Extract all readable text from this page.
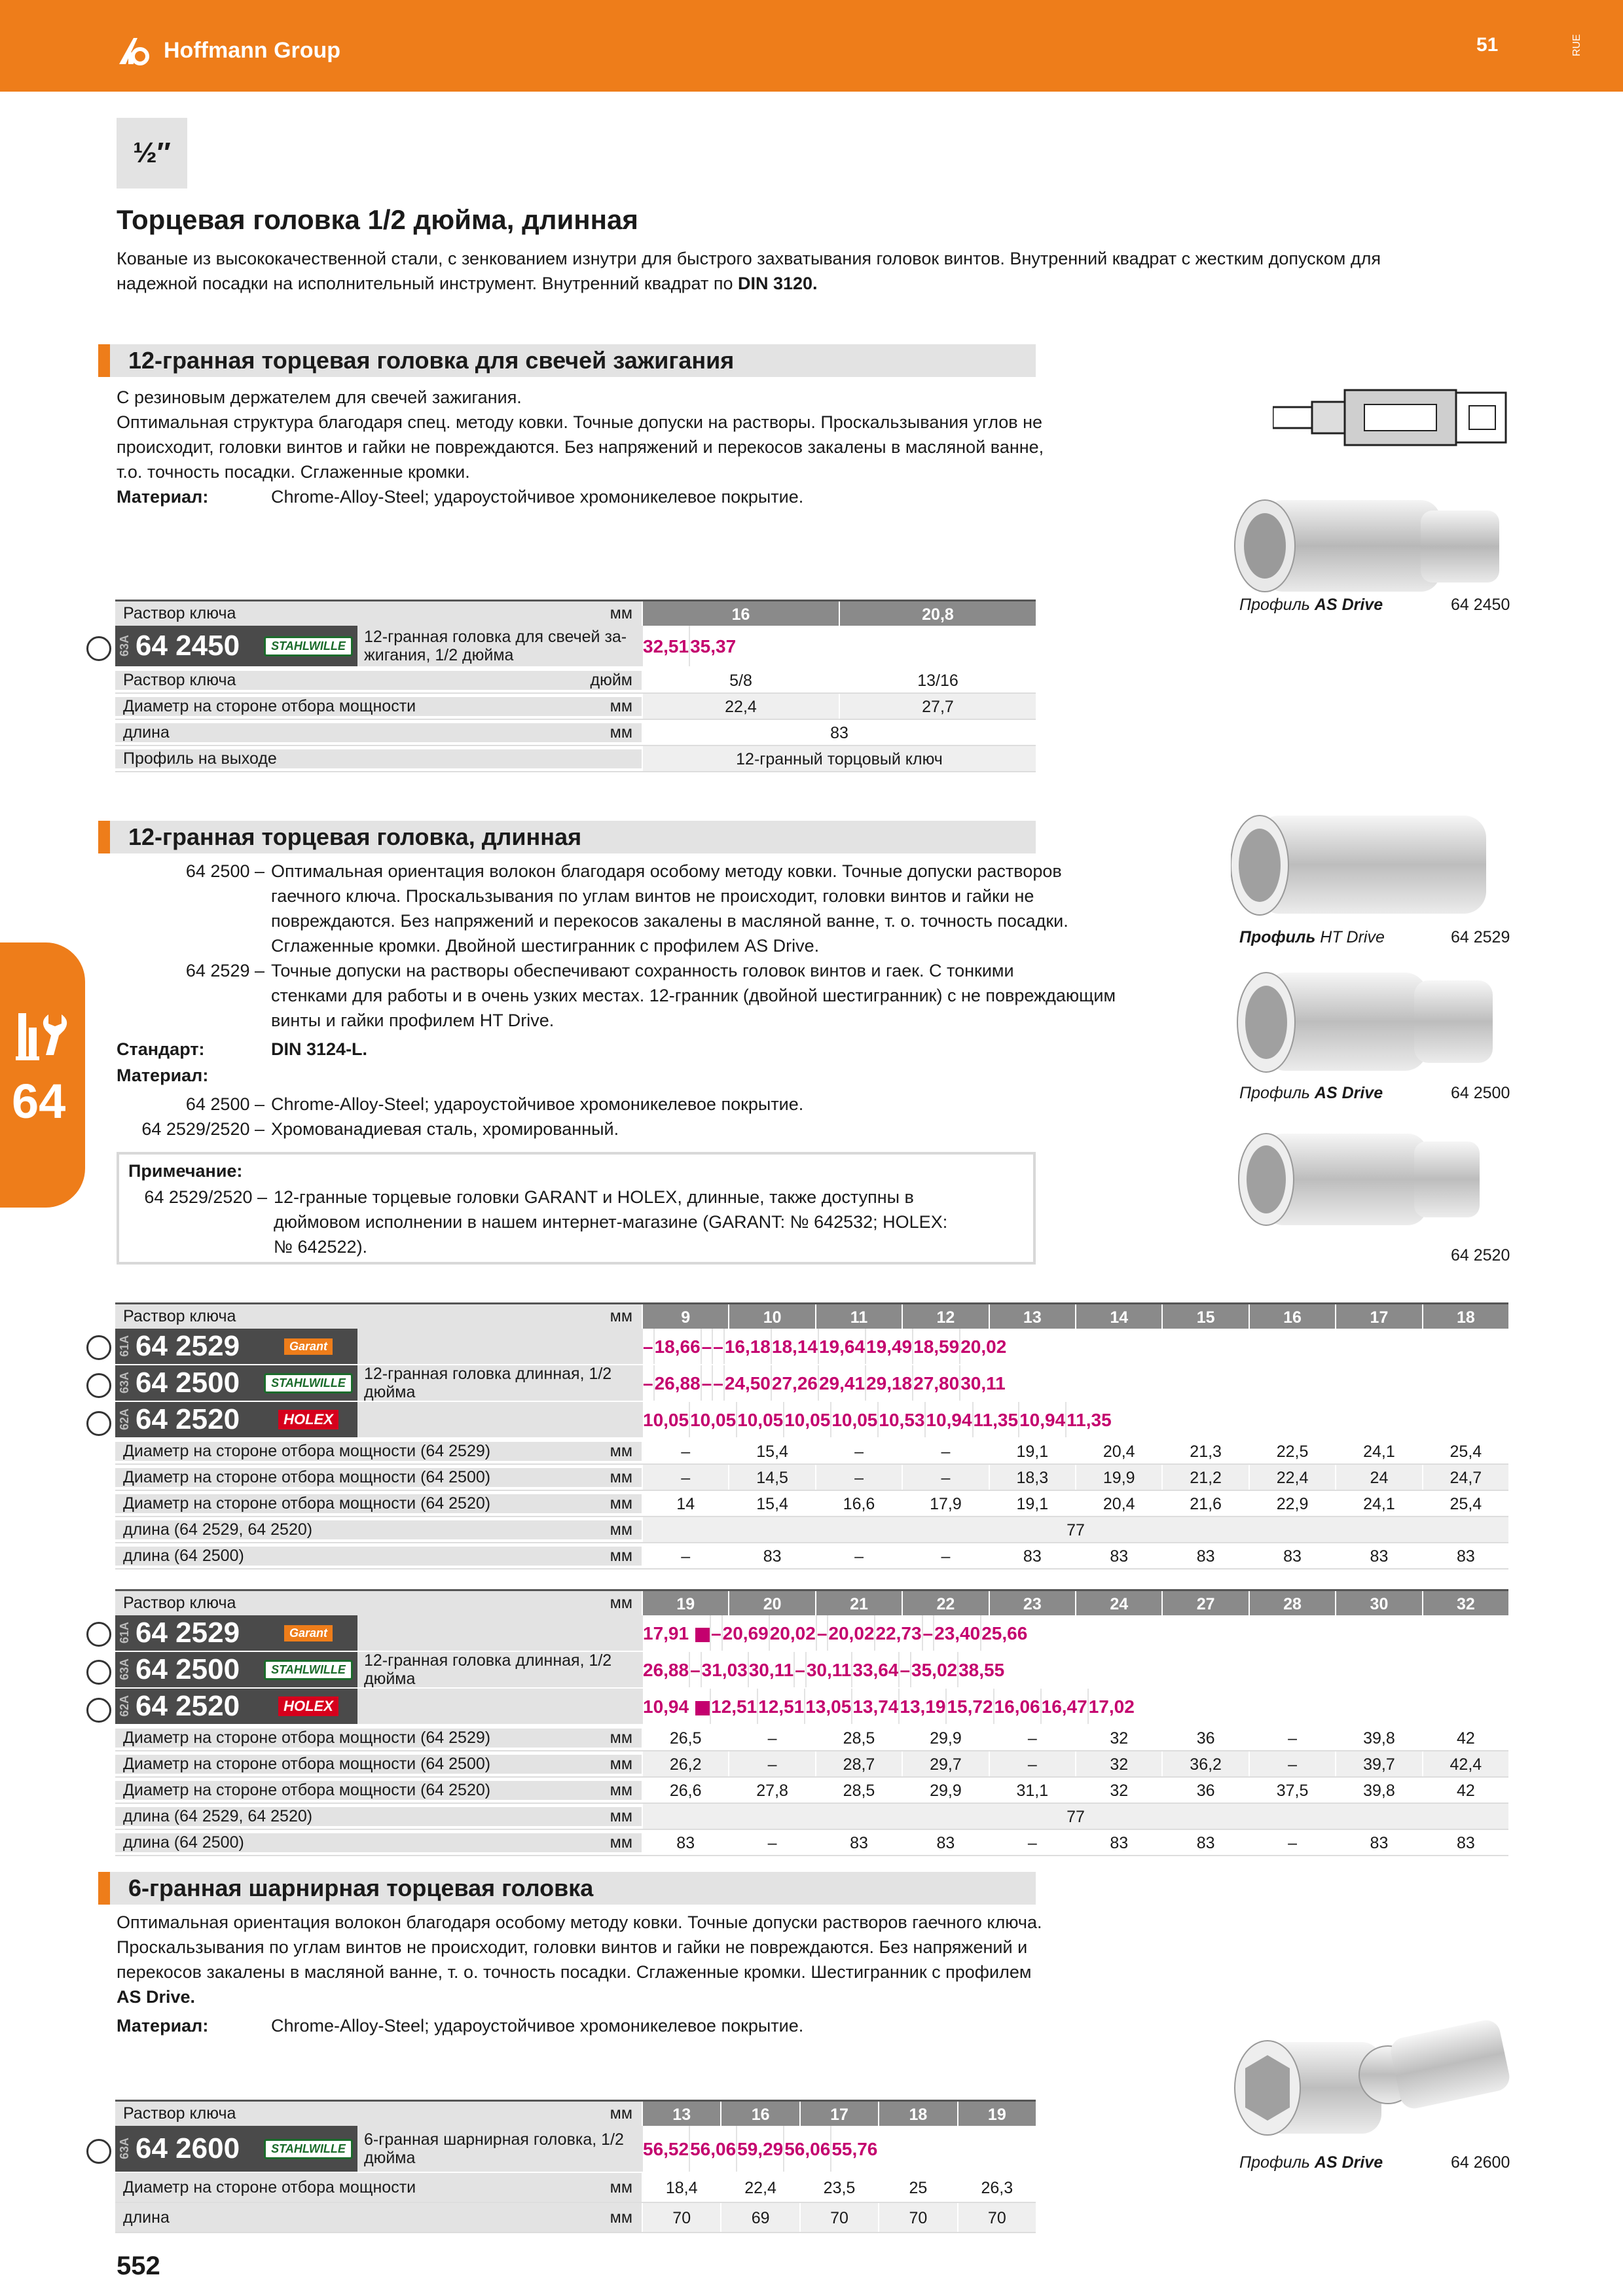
Hoffmann Group	51	RUE
64
½″
Торцевая головка 1/2 дюйма, длинная
Кованые из высококачественной стали, с зенкованием изнутри для быстрого захватывания головок винтов. Внутренний квадрат с жестким допуском для
надежной посадки на исполнительный инструмент. Внутренний квадрат по DIN 3120.
12-гранная торцевая головка для свечей зажигания
С резиновым держателем для свечей зажигания.
Оптимальная структура благодаря спец. методу ковки. Точные допуски на растворы. Проскальзывания углов не
происходит, головки винтов и гайки не повреждаются. Без напряжений и перекосов закалены в масляной ванне,
т.о. точность посадки. Сглаженные кромки.
Материал:	Chrome-Alloy-Steel; удароустойчивое хромоникелевое покрытие.
Профиль AS Drive	64 2450
Раствор ключа	мм	16	20,8
63A 64 2450	STAHLWILLE	12-гранная головка для свечей за-жигания, 1/2 дюйма	32,51 35,37
Раствор ключа	дюйм	5/8	13/16
Диаметр на стороне отбора мощности	мм	22,4	27,7
длина	мм	83
Профиль на выходе	12-гранный торцовый ключ
12-гранная торцевая головка, длинная
64 2500 – Оптимальная ориентация волокон благодаря особому методу ковки. Точные допуски растворов
гаечного ключа. Проскальзывания по углам винтов не происходит, головки винтов и гайки не
повреждаются. Без напряжений и перекосов закалены в масляной ванне, т. о. точность посадки.
Сглаженные кромки. Двойной шестигранник с профилем AS Drive.
64 2529 – Точные допуски на растворы обеспечивают сохранность головок винтов и гаек. С тонкими
стенками для работы и в очень узких местах. 12-гранник (двойной шестигранник) с не повреждающим
винты и гайки профилем HT Drive.
Стандарт:	DIN 3124-L.
Материал:
64 2500 – Chrome-Alloy-Steel; удароустойчивое хромоникелевое покрытие.
64 2529/2520 – Хромованадиевая сталь, хромированный.
Примечание:
64 2529/2520 – 12-гранные торцевые головки GARANT и HOLEX, длинные, также доступны в
дюймовом исполнении в нашем интернет-магазине (GARANT: № 642532; HOLEX:
№ 642522).
Профиль HT Drive	64 2529
Профиль AS Drive	64 2500
64 2520
Раствор ключа	мм	9	10	11	12	13	14	15	16	17	18
61A 64 2529	Garant	– 18,66 – – 16,18 18,14 19,64 19,49 18,59 20,02
63A 64 2500	STAHLWILLE	12-гранная головка длинная, 1/2 дюйма	– 26,88 – – 24,50 27,26 29,41 29,18 27,80 30,11
62A 64 2520	HOLEX	10,05 10,05 10,05 10,05 10,05 10,53 10,94 11,35 10,94 11,35
Диаметр на стороне отбора мощности (64 2529)	мм	–	15,4	–	–	19,1	20,4	21,3	22,5	24,1	25,4
Диаметр на стороне отбора мощности (64 2500)	мм	–	14,5	–	–	18,3	19,9	21,2	22,4	24	24,7
Диаметр на стороне отбора мощности (64 2520)	мм	14	15,4	16,6	17,9	19,1	20,4	21,6	22,9	24,1	25,4
длина (64 2529, 64 2520)	мм	77
длина (64 2500)	мм	–	83	–	–	83	83	83	83	83	83
Раствор ключа	мм	19	20	21	22	23	24	27	28	30	32
61A 64 2529	Garant	17,91	– 20,69 20,02 – 20,02 22,73 – 23,40 25,66
63A 64 2500	STAHLWILLE	12-гранная головка длинная, 1/2 дюйма	26,88 – 31,03 30,11 – 30,11 33,64 – 35,02 38,55
62A 64 2520	HOLEX	10,94	12,51 12,51 13,05 13,74 13,19 15,72 16,06 16,47 17,02
Диаметр на стороне отбора мощности (64 2529)	мм	26,5	–	28,5	29,9	–	32	36	–	39,8	42
Диаметр на стороне отбора мощности (64 2500)	мм	26,2	–	28,7	29,7	–	32	36,2	–	39,7	42,4
Диаметр на стороне отбора мощности (64 2520)	мм	26,6	27,8	28,5	29,9	31,1	32	36	37,5	39,8	42
длина (64 2529, 64 2520)	мм	77
длина (64 2500)	мм	83	–	83	83	–	83	83	–	83	83
6-гранная шарнирная торцевая головка
Оптимальная ориентация волокон благодаря особому методу ковки. Точные допуски растворов гаечного ключа.
Проскальзывания по углам винтов не происходит, головки винтов и гайки не повреждаются. Без напряжений и
перекосов закалены в масляной ванне, т. о. точность посадки. Сглаженные кромки. Шестигранник с профилем
AS Drive.
Материал:	Chrome-Alloy-Steel; удароустойчивое хромоникелевое покрытие.
Профиль AS Drive	64 2600
Раствор ключа	мм	13	16	17	18	19
63A 64 2600	STAHLWILLE	6-гранная шарнирная головка, 1/2 дюйма	56,52 56,06 59,29 56,06 55,76
Диаметр на стороне отбора мощности	мм	18,4	22,4	23,5	25	26,3
длина	мм	70	69	70	70	70
552
